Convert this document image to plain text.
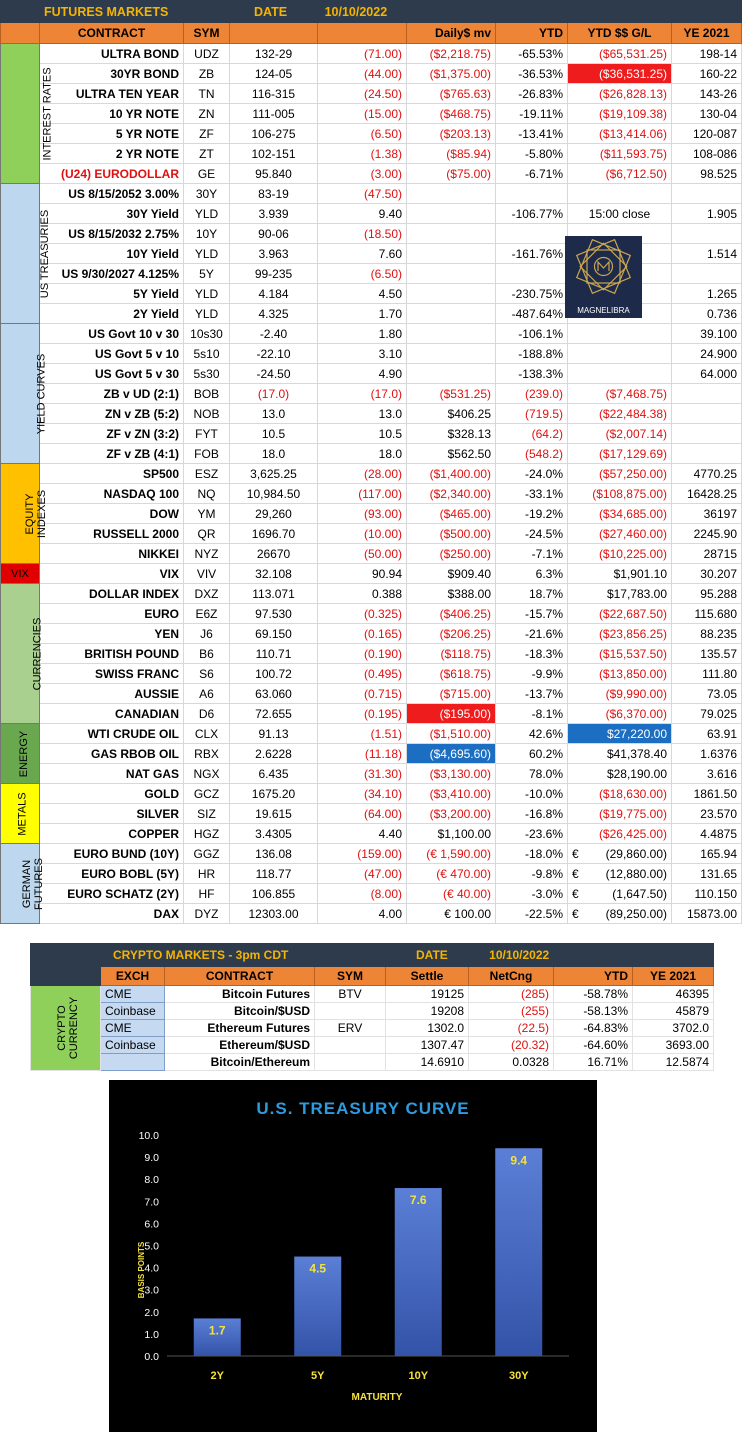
	FUTURES MARKETS		DATE 10/10/2022					
	CONTRACT	SYM			Daily$ mv	YTD	YTD $$ G/L	YE 2021
INTEREST RATES	ULTRA BOND	UDZ	132-29	(71.00)	($2,218.75)	-65.53%	($65,531.25)	198-14
	30YR BOND	ZB	124-05	(44.00)	($1,375.00)	-36.53%	($36,531.25)	160-22
	ULTRA TEN YEAR	TN	116-315	(24.50)	($765.63)	-26.83%	($26,828.13)	143-26
	10 YR NOTE	ZN	111-005	(15.00)	($468.75)	-19.11%	($19,109.38)	130-04
	5 YR NOTE	ZF	106-275	(6.50)	($203.13)	-13.41%	($13,414.06)	120-087
	2 YR NOTE	ZT	102-151	(1.38)	($85.94)	-5.80%	($11,593.75)	108-086
	(U24) EURODOLLAR	GE	95.840	(3.00)	($75.00)	-6.71%	($6,712.50)	98.525
US TREASURIES	US 8/15/2052 3.00%	30Y	83-19	(47.50)				
	30Y Yield	YLD	3.939	9.40		-106.77%	15:00 close	1.905
	US 8/15/2032 2.75%	10Y	90-06	(18.50)				
	10Y Yield	YLD	3.963	7.60		-161.76%		1.514
	US 9/30/2027 4.125%	5Y	99-235	(6.50)				
	5Y Yield	YLD	4.184	4.50		-230.75%		1.265
	2Y Yield	YLD	4.325	1.70		-487.64%		0.736
YIELD CURVES	US Govt 10 v 30	10s30	-2.40	1.80		-106.1%		39.100
	US Govt 5 v 10	5s10	-22.10	3.10		-188.8%		24.900
	US Govt 5 v 30	5s30	-24.50	4.90		-138.3%		64.000
	ZB v UD (2:1)	BOB	(17.0)	(17.0)	($531.25)	(239.0)	($7,468.75)	
	ZN v ZB (5:2)	NOB	13.0	13.0	$406.25	(719.5)	($22,484.38)	
	ZF v ZN (3:2)	FYT	10.5	10.5	$328.13	(64.2)	($2,007.14)	
	ZF v ZB (4:1)	FOB	18.0	18.0	$562.50	(548.2)	($17,129.69)	
EQUITY INDEXES	SP500	ESZ	3,625.25	(28.00)	($1,400.00)	-24.0%	($57,250.00)	4770.25
	NASDAQ 100	NQ	10,984.50	(117.00)	($2,340.00)	-33.1%	($108,875.00)	16428.25
	DOW	YM	29,260	(93.00)	($465.00)	-19.2%	($34,685.00)	36197
	RUSSELL 2000	QR	1696.70	(10.00)	($500.00)	-24.5%	($27,460.00)	2245.90
	NIKKEI	NYZ	26670	(50.00)	($250.00)	-7.1%	($10,225.00)	28715
VIX	VIX	VIV	32.108	90.94	$909.40	6.3%	$1,901.10	30.207
CURRENCIES	DOLLAR INDEX	DXZ	113.071	0.388	$388.00	18.7%	$17,783.00	95.288
	EURO	E6Z	97.530	(0.325)	($406.25)	-15.7%	($22,687.50)	115.680
	YEN	J6	69.150	(0.165)	($206.25)	-21.6%	($23,856.25)	88.235
	BRITISH POUND	B6	110.71	(0.190)	($118.75)	-18.3%	($15,537.50)	135.57
	SWISS FRANC	S6	100.72	(0.495)	($618.75)	-9.9%	($13,850.00)	111.80
	AUSSIE	A6	63.060	(0.715)	($715.00)	-13.7%	($9,990.00)	73.05
	CANADIAN	D6	72.655	(0.195)	($195.00)	-8.1%	($6,370.00)	79.025
ENERGY	WTI CRUDE OIL	CLX	91.13	(1.51)	($1,510.00)	42.6%	$27,220.00	63.91
	GAS RBOB OIL	RBX	2.6228	(11.18)	($4,695.60)	60.2%	$41,378.40	1.6376
	NAT GAS	NGX	6.435	(31.30)	($3,130.00)	78.0%	$28,190.00	3.616
METALS	GOLD	GCZ	1675.20	(34.10)	($3,410.00)	-10.0%	($18,630.00)	1861.50
	SILVER	SIZ	19.615	(64.00)	($3,200.00)	-16.8%	($19,775.00)	23.570
	COPPER	HGZ	3.4305	4.40	$1,100.00	-23.6%	($26,425.00)	4.4875
GERMAN FUTURES	EURO BUND (10Y)	GGZ	136.08	(159.00)	(€ 1,590.00)	-18.0%	€ (29,860.00)	165.94
	EURO BOBL (5Y)	HR	118.77	(47.00)	(€ 470.00)	-9.8%	€ (12,880.00)	131.65
	EURO SCHATZ (2Y)	HF	106.855	(8.00)	(€ 40.00)	-3.0%	€ (1,647.50)	110.150
	DAX	DYZ	12303.00	4.00	€ 100.00	-22.5%	€ (89,250.00)	15873.00
MAGNELIBRA
	CRYPTO MARKETS - 3pm CDT			DATE 10/10/2022			
	EXCH	CONTRACT	SYM	Settle	NetCng	YTD	YE 2021
CRYPTO CURRENCY	CME	Bitcoin Futures	BTV	19125	(285)	-58.78%	46395
	Coinbase	Bitcoin/$USD		19208	(255)	-58.13%	45879
	CME	Ethereum Futures	ERV	1302.0	(22.5)	-64.83%	3702.0
	Coinbase	Ethereum/$USD		1307.47	(20.32)	-64.60%	3693.00
		Bitcoin/Ethereum		14.6910	0.0328	16.71%	12.5874
U.S. TREASURY CURVE
BASIS POINTS
MATURITY
0.0
1.0
2.0
3.0
4.0
5.0
6.0
7.0
8.0
9.0
10.0
1.7
2Y
4.5
5Y
7.6
10Y
9.4
30Y
